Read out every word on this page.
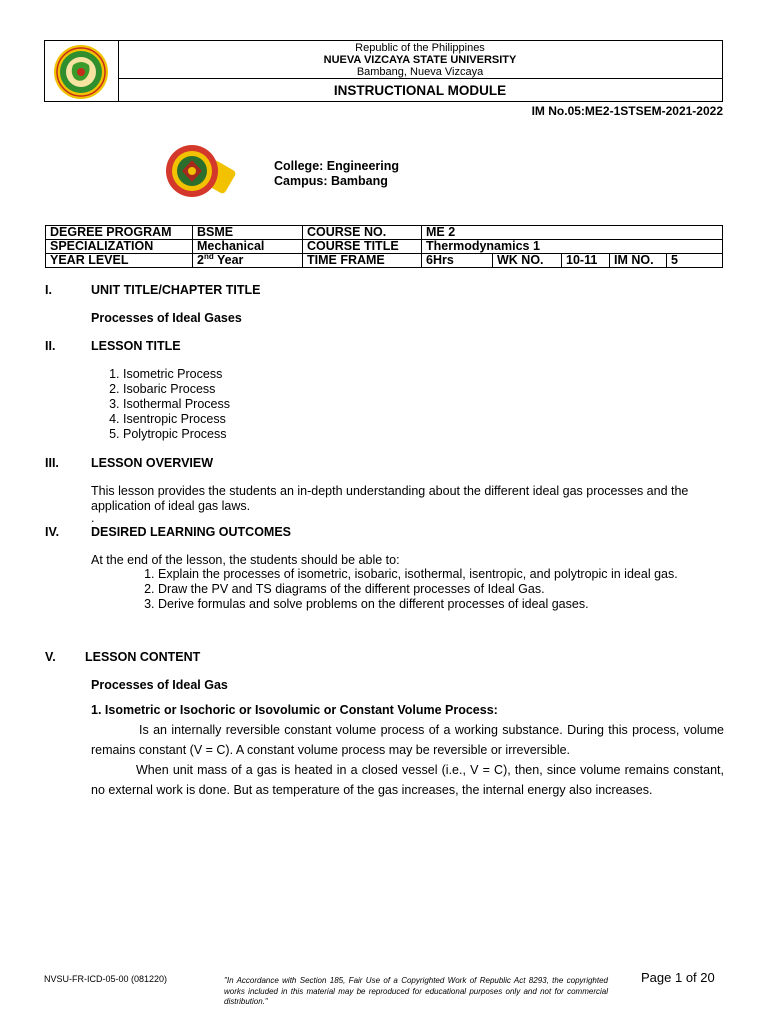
Republic of the Philippines
NUEVA VIZCAYA STATE UNIVERSITY
Bambang, Nueva Vizcaya
INSTRUCTIONAL MODULE
IM No.05:ME2-1STSEM-2021-2022
College: Engineering
Campus: Bambang
DEGREE PROGRAM	BSME	COURSE NO.	ME 2				
SPECIALIZATION	Mechanical	COURSE TITLE	Thermodynamics 1				
YEAR LEVEL	2nd Year	TIME FRAME	6Hrs	WK NO.	10-11	IM NO.	5
I.	UNIT TITLE/CHAPTER TITLE
Processes of Ideal Gases
II.	LESSON TITLE
1. Isometric Process
2. Isobaric Process
3. Isothermal Process
4. Isentropic Process
5. Polytropic Process
III.	LESSON OVERVIEW
This lesson provides the students an in-depth understanding about the different ideal gas processes and the application of ideal gas laws.
.
IV.	DESIRED LEARNING OUTCOMES
At the end of the lesson, the students should be able to:
1. Explain the processes of isometric, isobaric, isothermal, isentropic, and polytropic in ideal gas.
2. Draw the PV and TS diagrams of the different processes of Ideal Gas.
3. Derive formulas and solve problems on the different processes of ideal gases.
V. LESSON CONTENT
Processes of Ideal Gas
1. Isometric or Isochoric or Isovolumic or Constant Volume Process:
Is an internally reversible constant volume process of a working substance. During this process, volume remains constant (V = C). A constant volume process may be reversible or irreversible.
When unit mass of a gas is heated in a closed vessel (i.e., V = C), then, since volume remains constant, no external work is done. But as temperature of the gas increases, the internal energy also increases.
NVSU-FR-ICD-05-00 (081220)	"In Accordance with Section 185, Fair Use of a Copyrighted Work of Republic Act 8293, the copyrighted works included in this material may be reproduced for educational purposes only and not for commercial distribution."
Page 1 of 20
